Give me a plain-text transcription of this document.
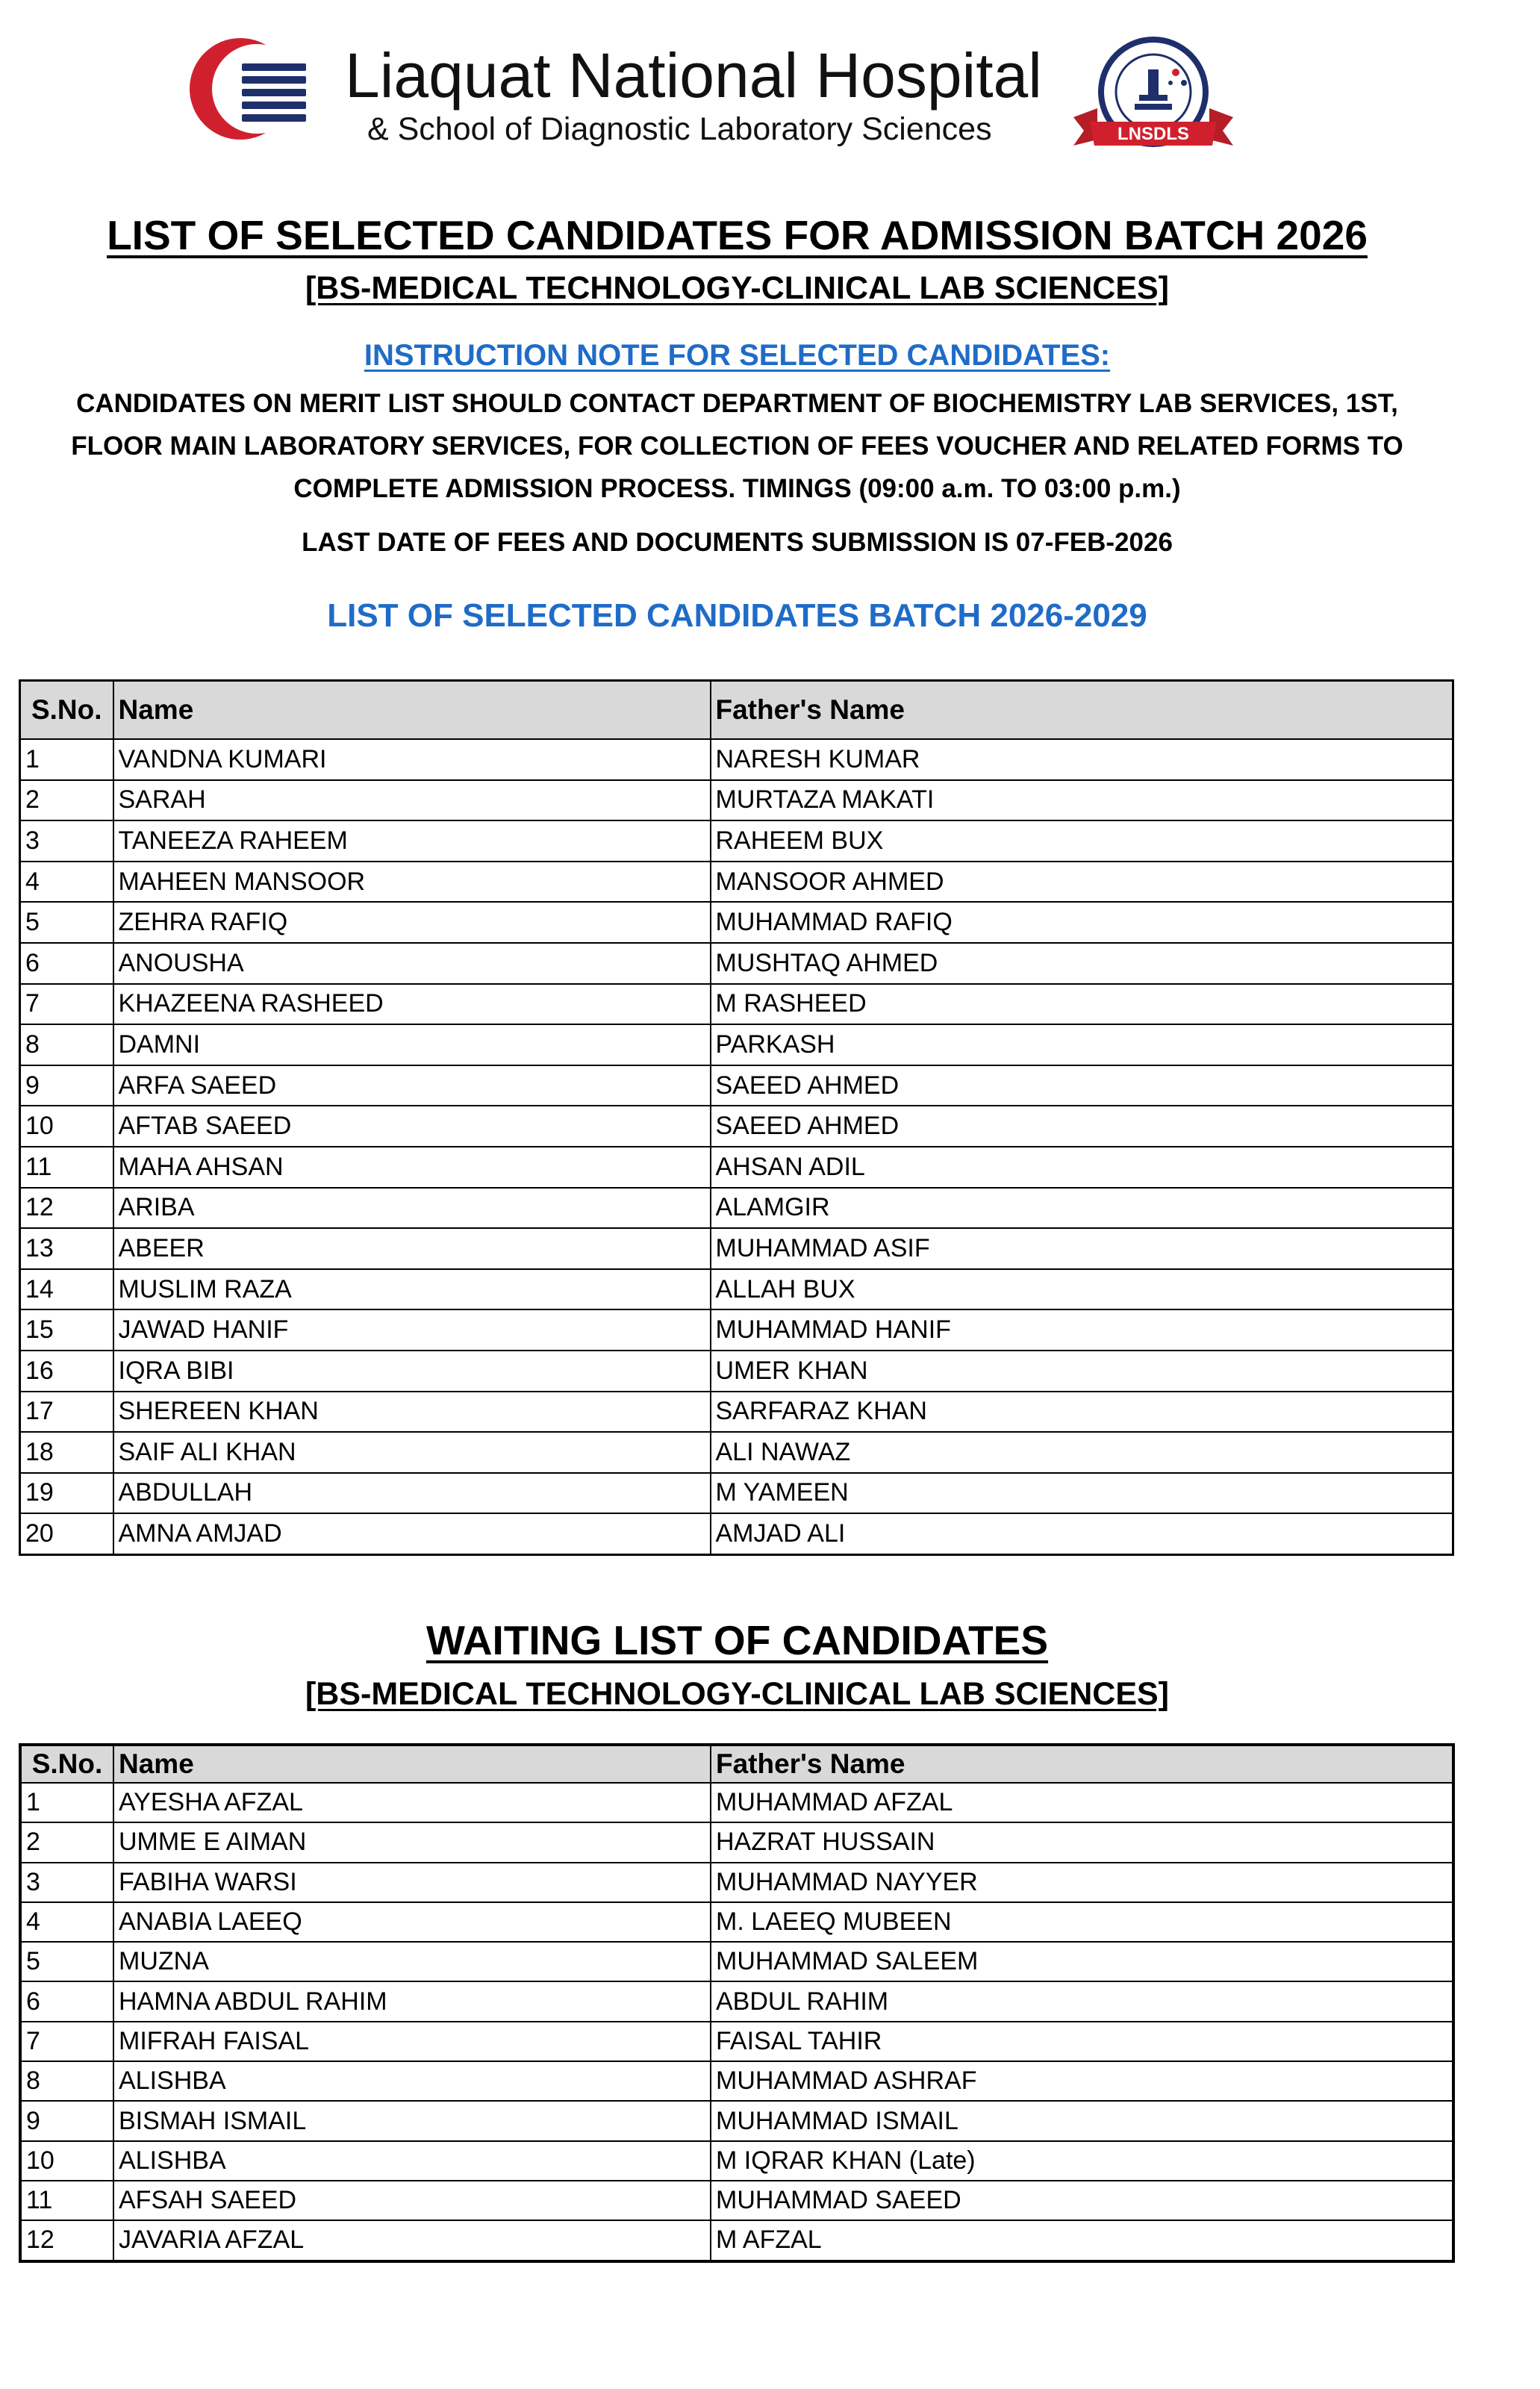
Liaquat National Hospital
& School of Diagnostic Laboratory Sciences	LNSDLS
LIST OF SELECTED CANDIDATES FOR ADMISSION BATCH 2026
[BS-MEDICAL TECHNOLOGY-CLINICAL LAB SCIENCES]
INSTRUCTION NOTE FOR SELECTED CANDIDATES:
CANDIDATES ON MERIT LIST SHOULD CONTACT DEPARTMENT OF BIOCHEMISTRY LAB SERVICES, 1ST,
FLOOR MAIN LABORATORY SERVICES, FOR COLLECTION OF FEES VOUCHER AND RELATED FORMS TO
COMPLETE ADMISSION PROCESS. TIMINGS (09:00 a.m. TO 03:00 p.m.)
LAST DATE OF FEES AND DOCUMENTS SUBMISSION IS 07-FEB-2026
LIST OF SELECTED CANDIDATES BATCH 2026-2029
S.No.	Name	Father's Name
1	VANDNA KUMARI	NARESH KUMAR
2	SARAH	MURTAZA MAKATI
3	TANEEZA RAHEEM	RAHEEM BUX
4	MAHEEN MANSOOR	MANSOOR AHMED
5	ZEHRA RAFIQ	MUHAMMAD RAFIQ
6	ANOUSHA	MUSHTAQ AHMED
7	KHAZEENA RASHEED	M RASHEED
8	DAMNI	PARKASH
9	ARFA SAEED	SAEED AHMED
10	AFTAB SAEED	SAEED AHMED
11	MAHA AHSAN	AHSAN ADIL
12	ARIBA	ALAMGIR
13	ABEER	MUHAMMAD ASIF
14	MUSLIM RAZA	ALLAH BUX
15	JAWAD HANIF	MUHAMMAD HANIF
16	IQRA BIBI	UMER KHAN
17	SHEREEN KHAN	SARFARAZ KHAN
18	SAIF ALI KHAN	ALI NAWAZ
19	ABDULLAH	M YAMEEN
20	AMNA AMJAD	AMJAD ALI
WAITING LIST OF CANDIDATES
[BS-MEDICAL TECHNOLOGY-CLINICAL LAB SCIENCES]
S.No.	Name	Father's Name
1	AYESHA AFZAL	MUHAMMAD AFZAL
2	UMME E AIMAN	HAZRAT HUSSAIN
3	FABIHA WARSI	MUHAMMAD NAYYER
4	ANABIA LAEEQ	M. LAEEQ MUBEEN
5	MUZNA	MUHAMMAD SALEEM
6	HAMNA ABDUL RAHIM	ABDUL RAHIM
7	MIFRAH FAISAL	FAISAL TAHIR
8	ALISHBA	MUHAMMAD ASHRAF
9	BISMAH ISMAIL	MUHAMMAD ISMAIL
10	ALISHBA	M IQRAR KHAN (Late)
11	AFSAH SAEED	MUHAMMAD SAEED
12	JAVARIA AFZAL	M AFZAL
